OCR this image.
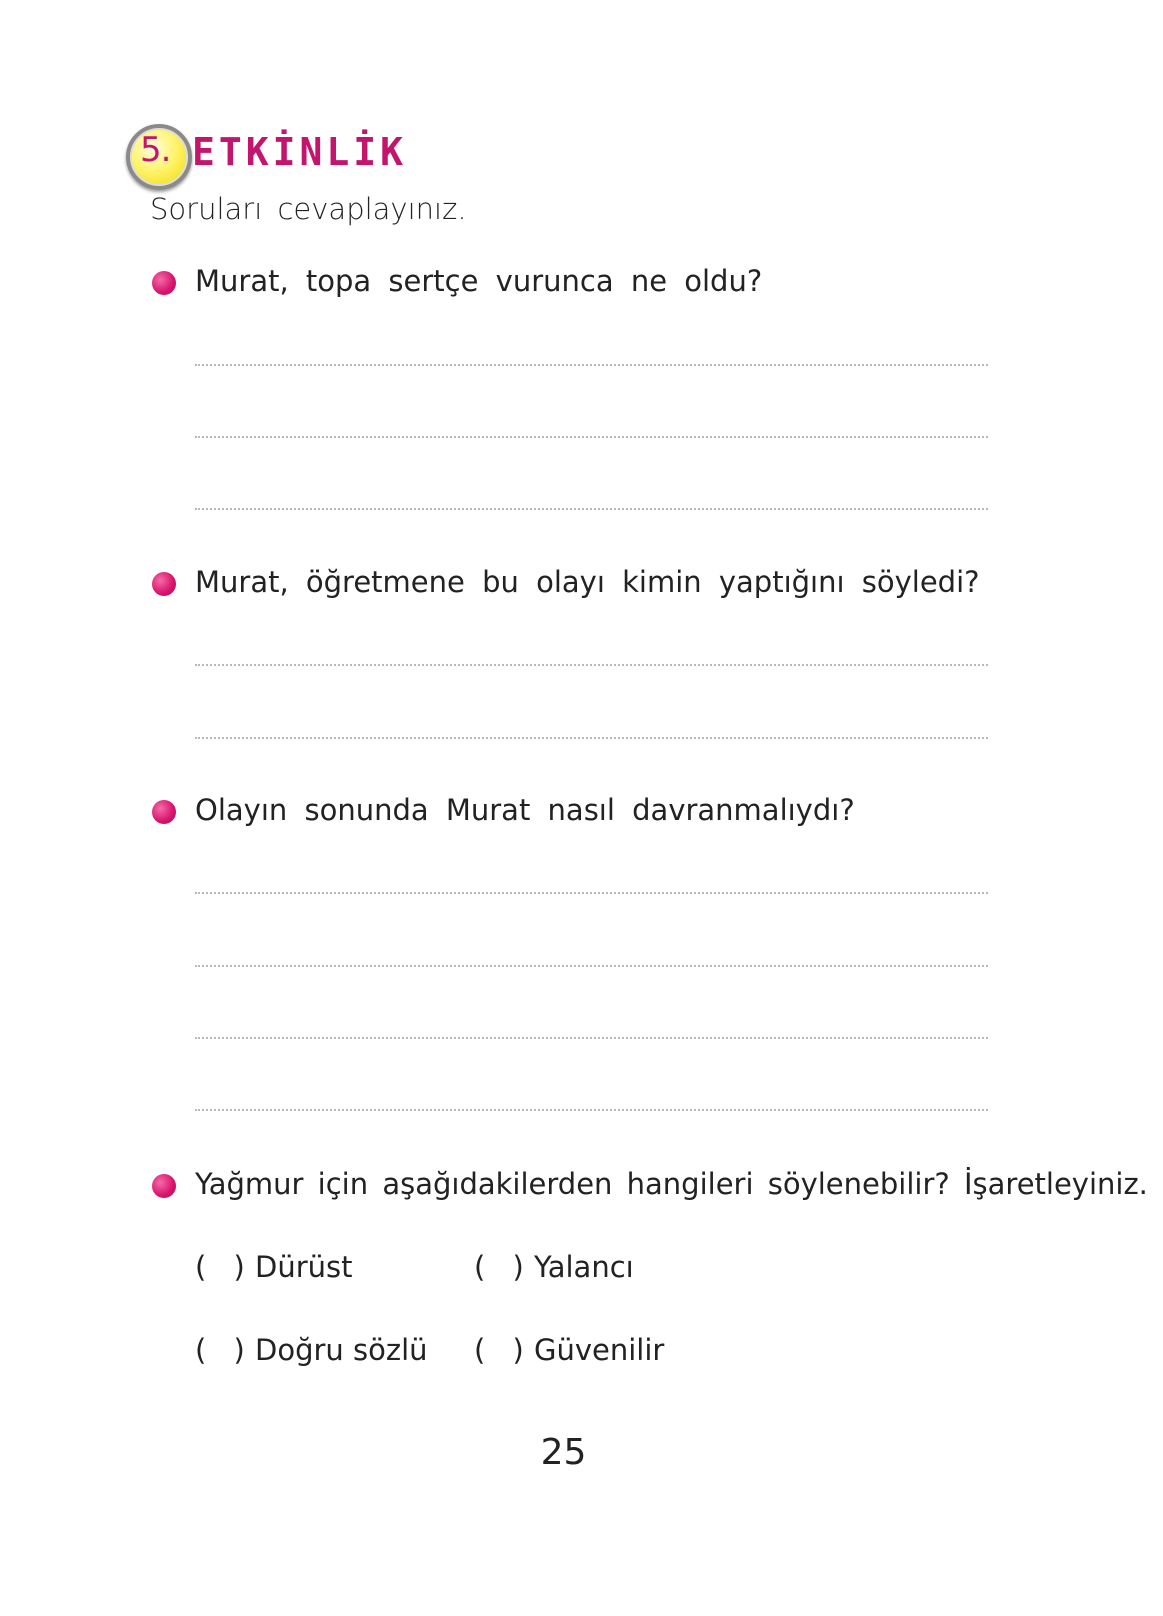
5. ETKİNLİK
Soruları cevaplayınız.
Murat, topa sertçe vurunca ne oldu?
Murat, öğretmene bu olayı kimin yaptığını söyledi?
Olayın sonunda Murat nasıl davranmalıydı?
Yağmur için aşağıdakilerden hangileri söylenebilir? İşaretleyiniz.
( ) Dürüst	( ) Yalancı
( ) Doğru sözlü ( ) Güvenilir
25
